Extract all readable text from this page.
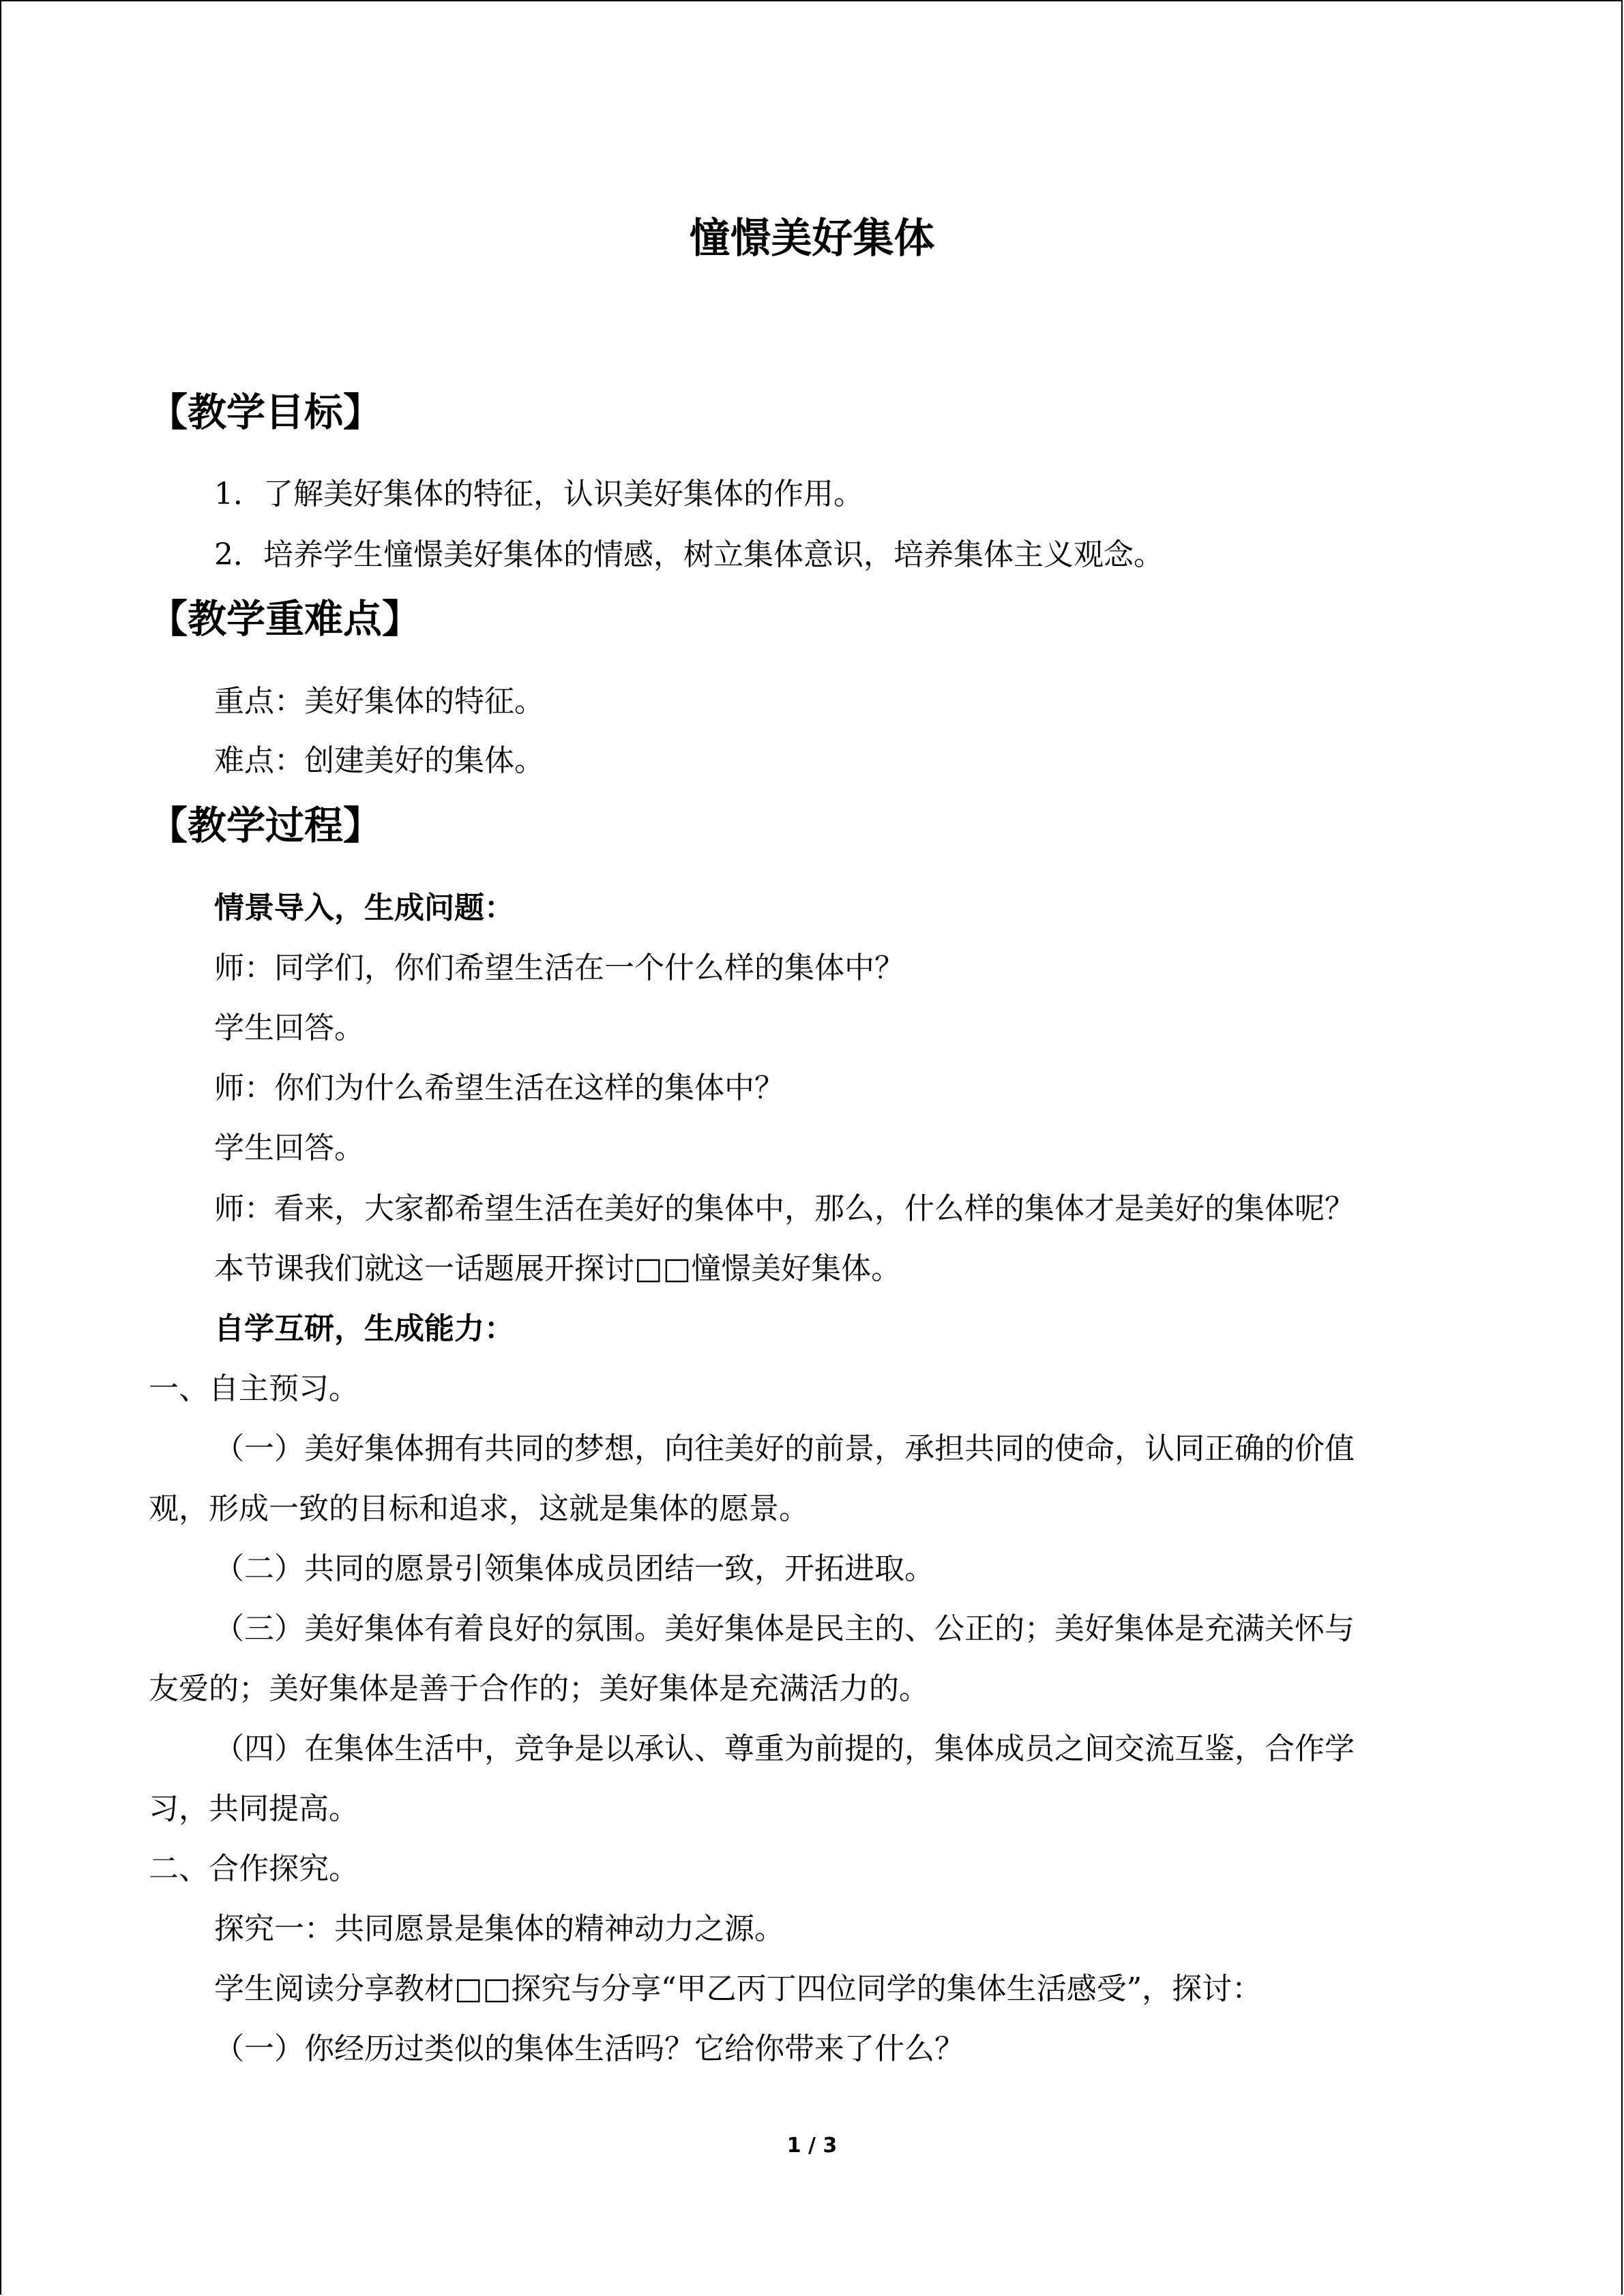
憧憬美好集体
【教学目标】
1．了解美好集体的特征，认识美好集体的作用。
2．培养学生憧憬美好集体的情感，树立集体意识，培养集体主义观念。
【教学重难点】
重点：美好集体的特征。
难点：创建美好的集体。
【教学过程】
情景导入，生成问题：
师：同学们，你们希望生活在一个什么样的集体中？
学生回答。
师：你们为什么希望生活在这样的集体中？
学生回答。
师：看来，大家都希望生活在美好的集体中，那么，什么样的集体才是美好的集体呢？
本节课我们就这一话题展开探讨□□憧憬美好集体。
自学互研，生成能力：
一、自主预习。
（一）美好集体拥有共同的梦想，向往美好的前景，承担共同的使命，认同正确的价值
观，形成一致的目标和追求，这就是集体的愿景。
（二）共同的愿景引领集体成员团结一致，开拓进取。
（三）美好集体有着良好的氛围。美好集体是民主的、公正的；美好集体是充满关怀与
友爱的；美好集体是善于合作的；美好集体是充满活力的。
（四）在集体生活中，竞争是以承认、尊重为前提的，集体成员之间交流互鉴，合作学
习，共同提高。
二、合作探究。
探究一：共同愿景是集体的精神动力之源。
学生阅读分享教材□□探究与分享“甲乙丙丁四位同学的集体生活感受”，探讨：
（一）你经历过类似的集体生活吗？它给你带来了什么？
1 / 3
